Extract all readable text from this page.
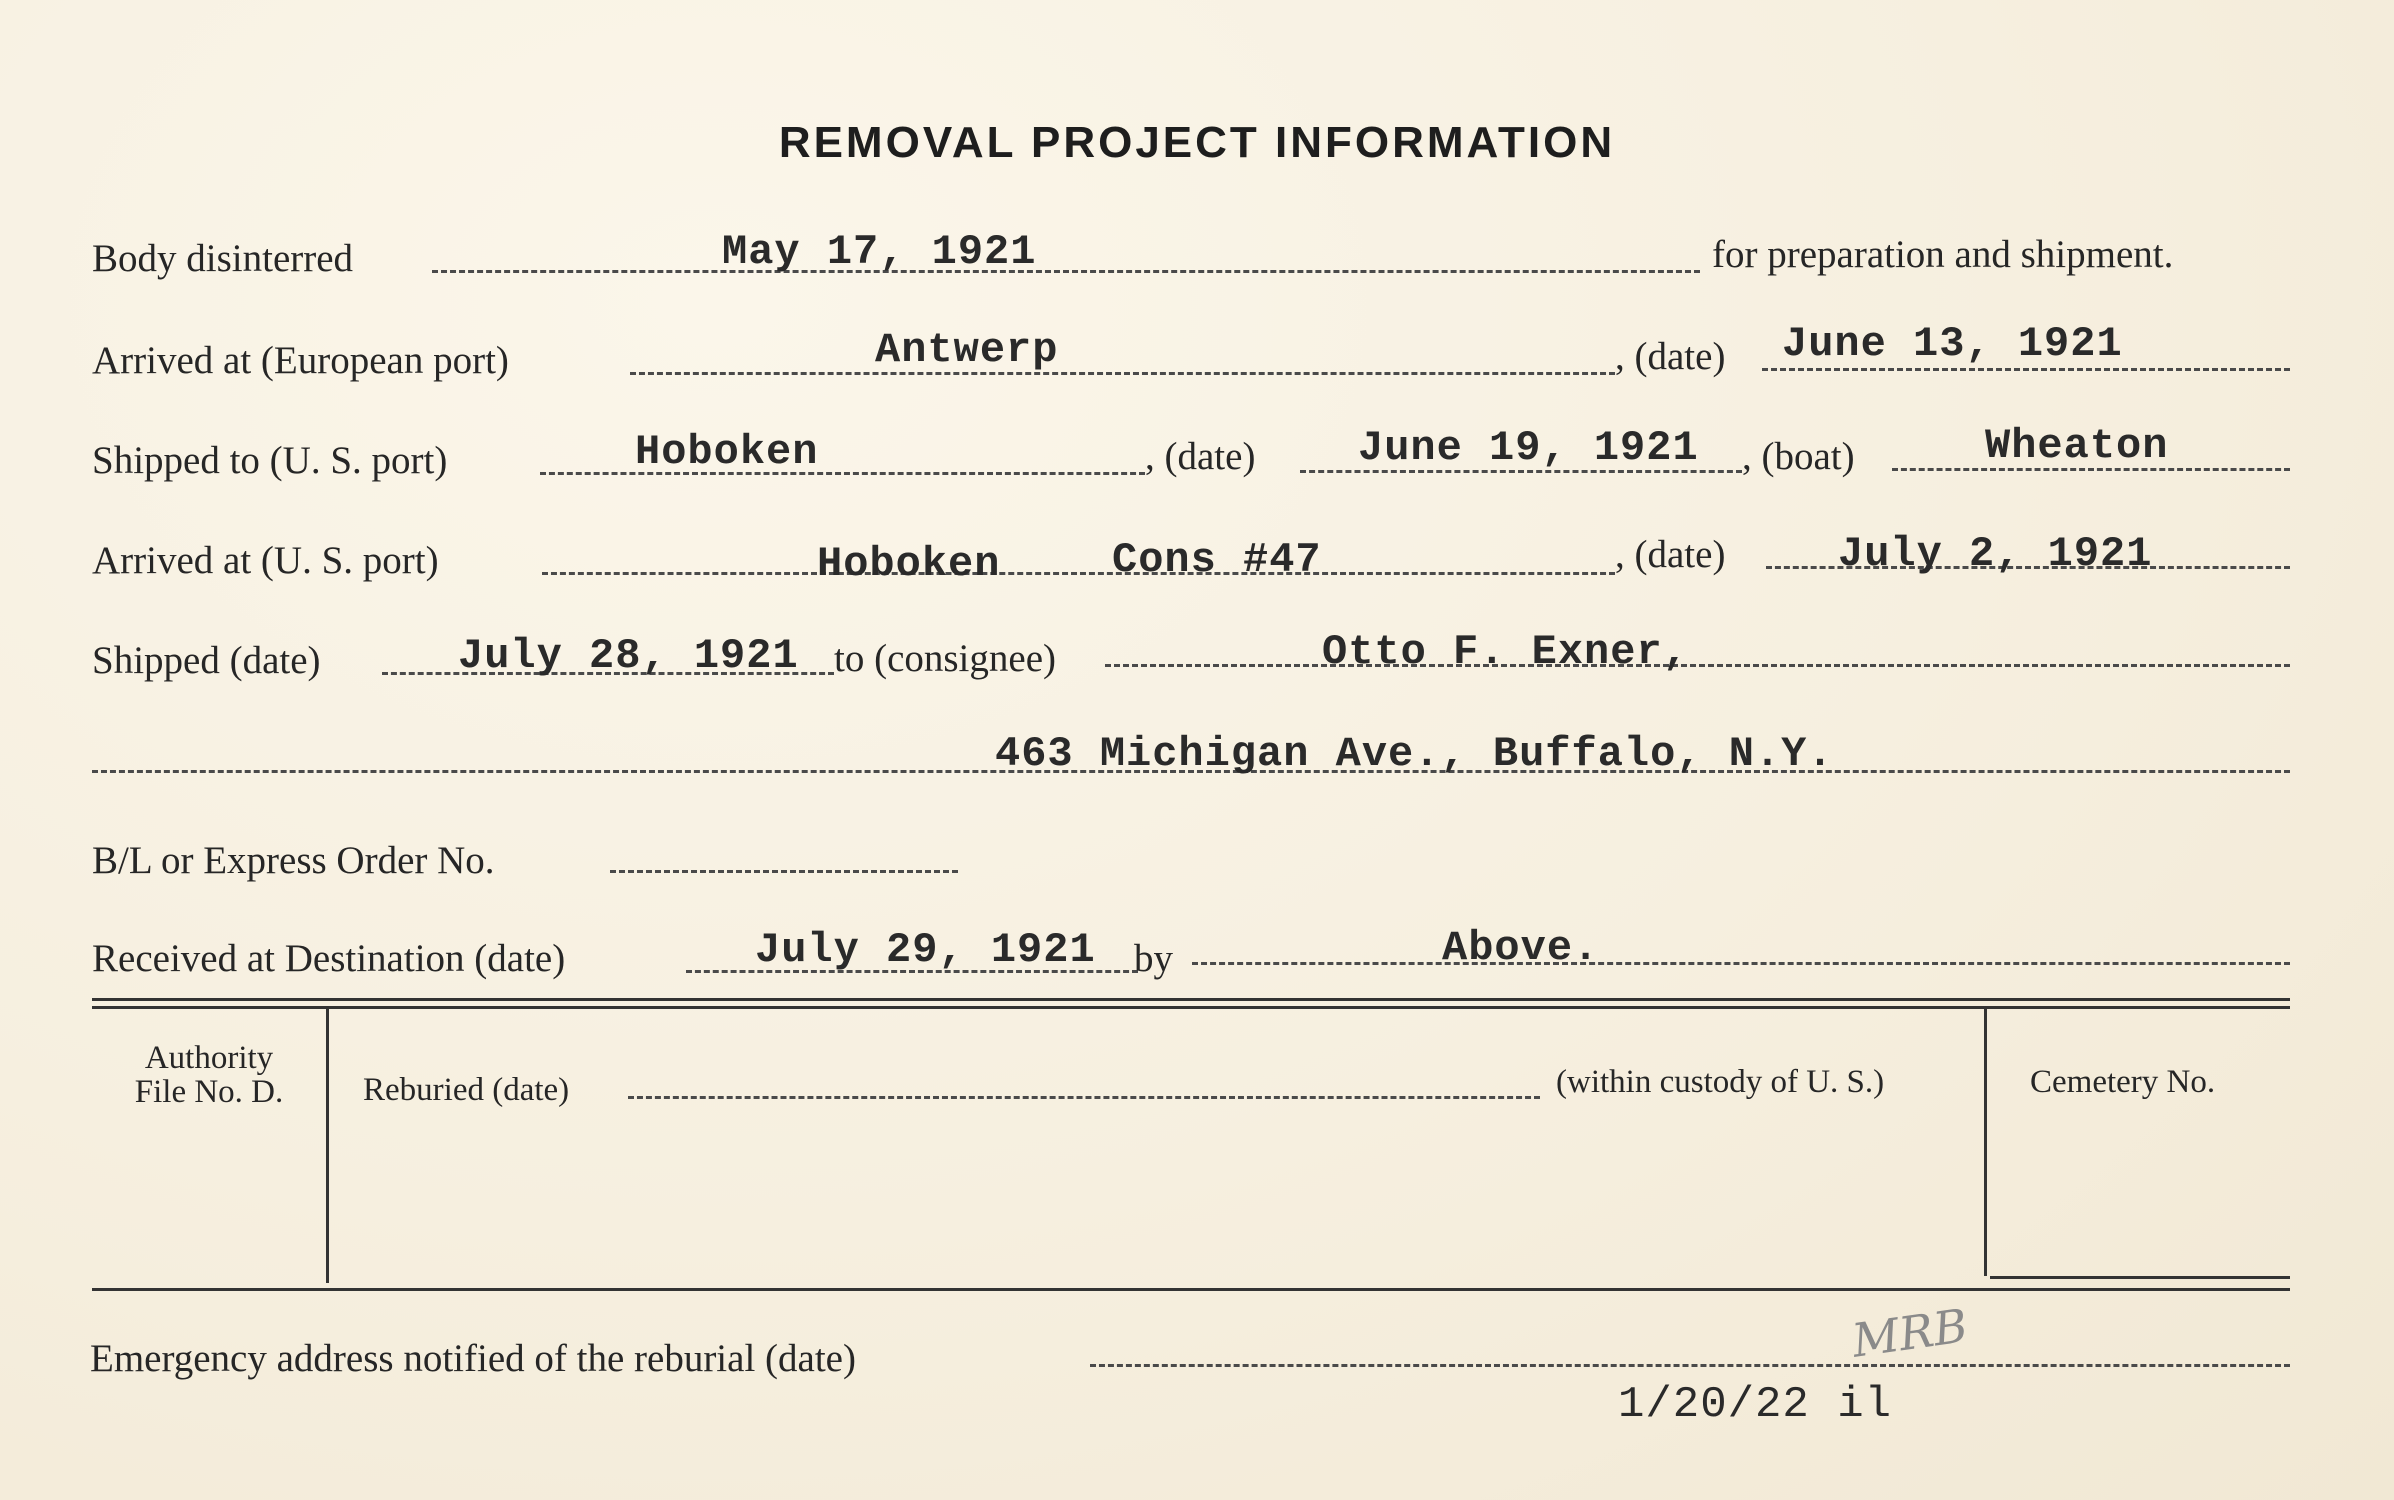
REMOVAL PROJECT INFORMATION
Body disinterred	May 17, 1921	for preparation and shipment.
Arrived at (European port)	Antwerp	, (date) June 13, 1921
Shipped to (U. S. port)	Hoboken	, (date) June 19, 1921 , (boat)	Wheaton
Arrived at (U. S. port)	Hoboken	Cons #47	, (date)	July 2, 1921
Shipped (date)	July 28, 1921 to (consignee)	Otto F. Exner,
463 Michigan Ave., Buffalo, N.Y.
B/L or Express Order No.
Received at Destination (date)	July 29, 1921 by	Above.
Authority
File No. D.	Reburied (date)	(within custody of U. S.)	Cemetery No.
Emergency address notified of the reburial (date)	MRB
1/20/22 il
